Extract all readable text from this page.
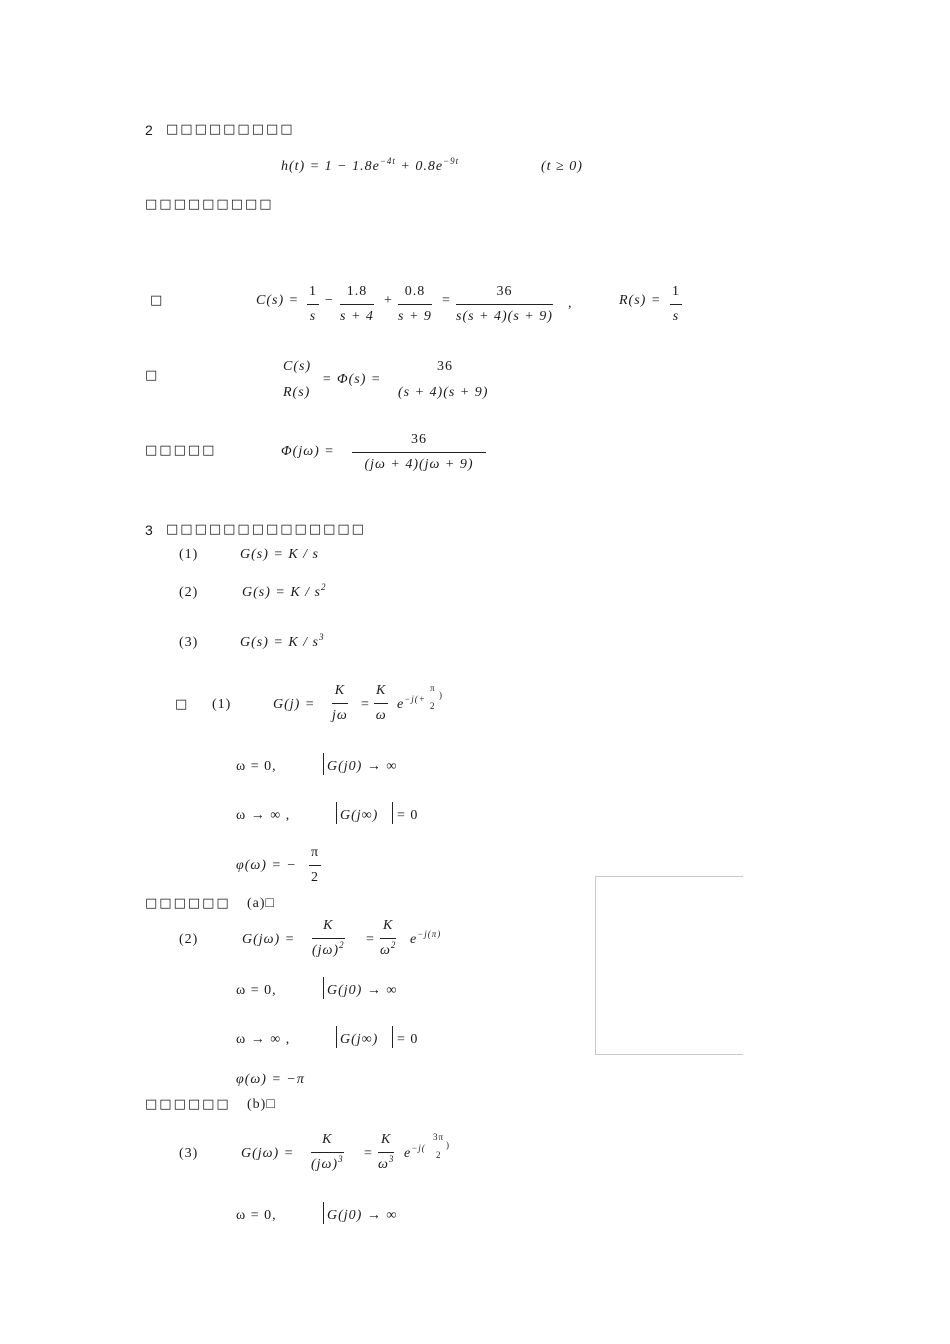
2 □□□□□□□□□
$h(t) = 1 - 1.8e^{-4t} + 0.8e^{-9t}$	(t ≥ 0)
□□□□□□□□□
□	$C(s) = \frac{1}{s} - \frac{1.8}{s + 4} + \frac{0.8}{s + 9} = \frac{36}{s(s + 4)(s + 9)}$ ,	$R(s) = \frac{1}{s}$
□
C(s)
R(s)
= Φ(s) =
36
(s + 4)(s + 9)
□□□□□	$\Phi(j\omega) = \frac{36}{(j\omega + 4)(j\omega + 9)}$
3 □□□□□□□□□□□□□□
(1)	G(s) = K / s
(2)	$G(s) = K / s^2$
(3)	$G(s) = K / s^3$
□ (1)	$G(j) = \frac{K}{j\omega} = \frac{K}{\omega} e^{-j(+}$
π
2
)
ω = 0,	G(j0) → ∞
ω → ∞ ,	G(j∞) = 0
φ(ω) = − $\frac{\pi}{2}$
□□□□□□ (a)□
(2)	$G(j\omega) = \frac{K}{(j\omega)^2} = \frac{K}{\omega^2} e^{-j(\pi)}$
ω = 0,	G(j0) → ∞
ω → ∞ ,	G(j∞) = 0
φ(ω) = −π
□□□□□□ (b)□
(3)	$G(j\omega) = \frac{K}{(j\omega)^3} = \frac{K}{\omega^3} e^{-j(}$
3π
2
)
ω = 0,	G(j0) → ∞
